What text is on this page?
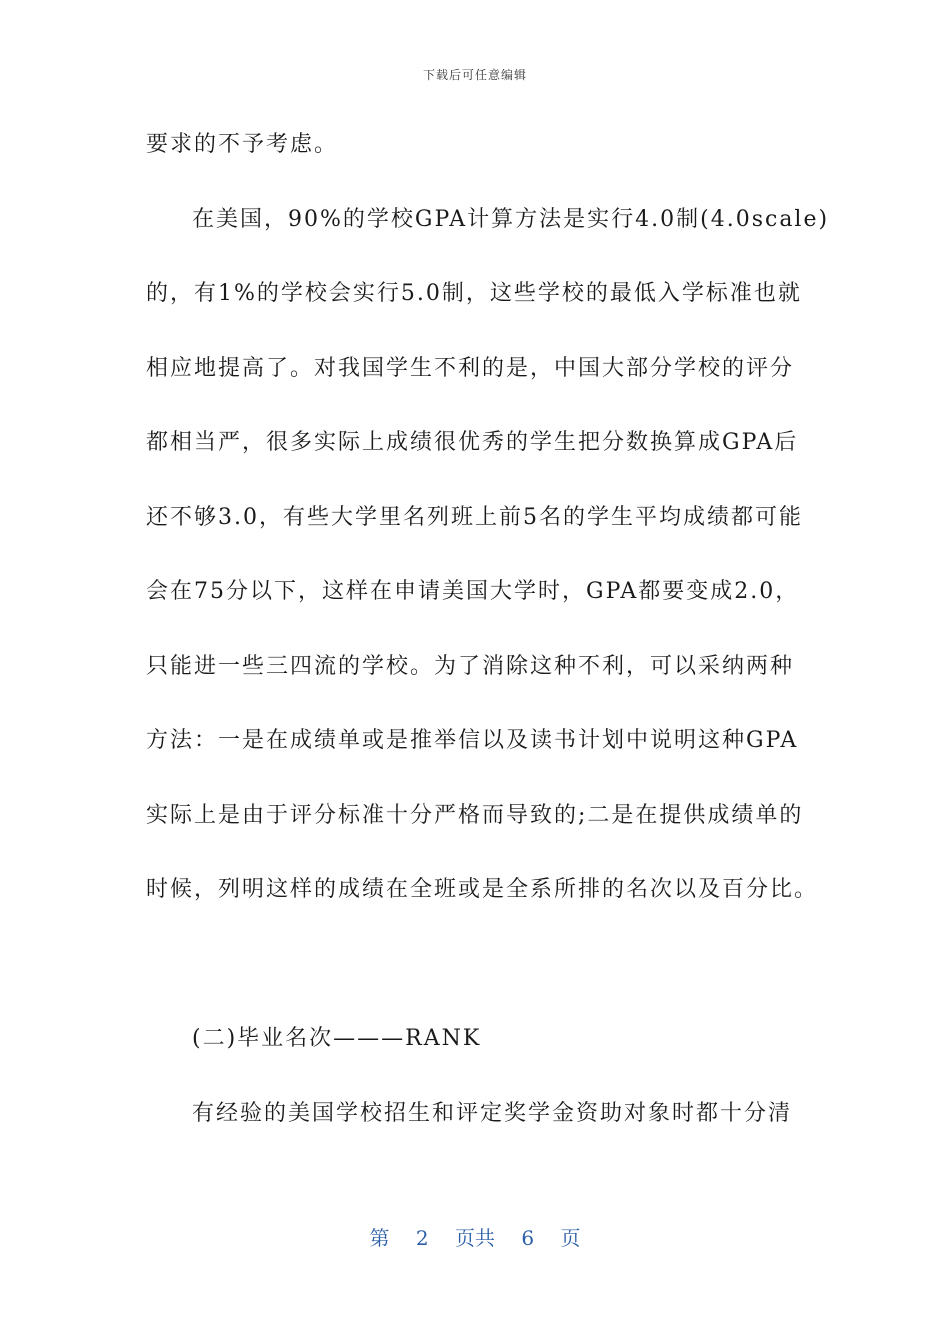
下载后可任意编辑
要求的不予考虑。
在美国，90%的学校GPA计算方法是实行4.0制(4.0scale)
的，有1%的学校会实行5.0制，这些学校的最低入学标准也就
相应地提高了。对我国学生不利的是，中国大部分学校的评分
都相当严，很多实际上成绩很优秀的学生把分数换算成GPA后
还不够3.0，有些大学里名列班上前5名的学生平均成绩都可能
会在75分以下，这样在申请美国大学时，GPA都要变成2.0，
只能进一些三四流的学校。为了消除这种不利，可以采纳两种
方法：一是在成绩单或是推举信以及读书计划中说明这种GPA
实际上是由于评分标准十分严格而导致的;二是在提供成绩单的
时候，列明这样的成绩在全班或是全系所排的名次以及百分比。
(二)毕业名次———RANK
有经验的美国学校招生和评定奖学金资助对象时都十分清
第 2 页共 6 页
